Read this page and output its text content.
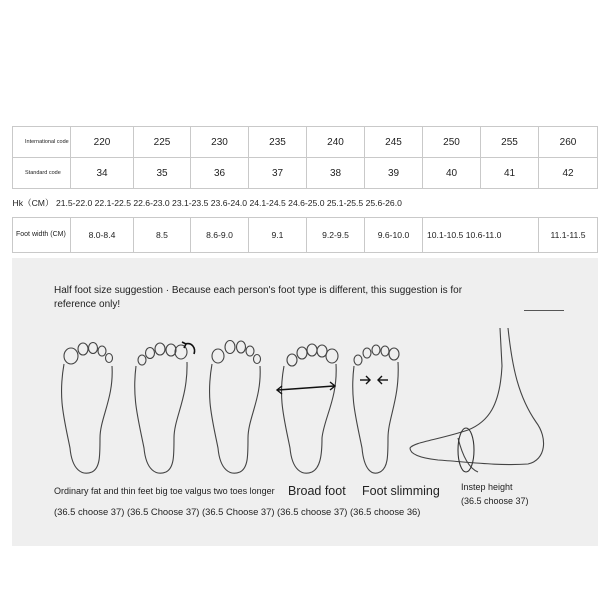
International code	220	225	230	235	240	245	250	255	260
Standard code	34	35	36	37	38	39	40	41	42
Hk（CM） 21.5-22.0 22.1-22.5 22.6-23.0 23.1-23.5 23.6-24.0 24.1-24.5 24.6-25.0 25.1-25.5 25.6-26.0									
Foot width (CM)	8.0-8.4	8.5	8.6-9.0	9.1	9.2-9.5	9.6-10.0	10.1-10.5 10.6-11.0		11.1-11.5
Half foot size suggestion · Because each person's foot type is different, this suggestion is for reference only!
Ordinary fat and thin feet big toe valgus two toes longer Broad foot Foot slimming Instep height
(36.5 choose 37)
(36.5 choose 37) (36.5 Choose 37) (36.5 Choose 37) (36.5 choose 37) (36.5 choose 36)
